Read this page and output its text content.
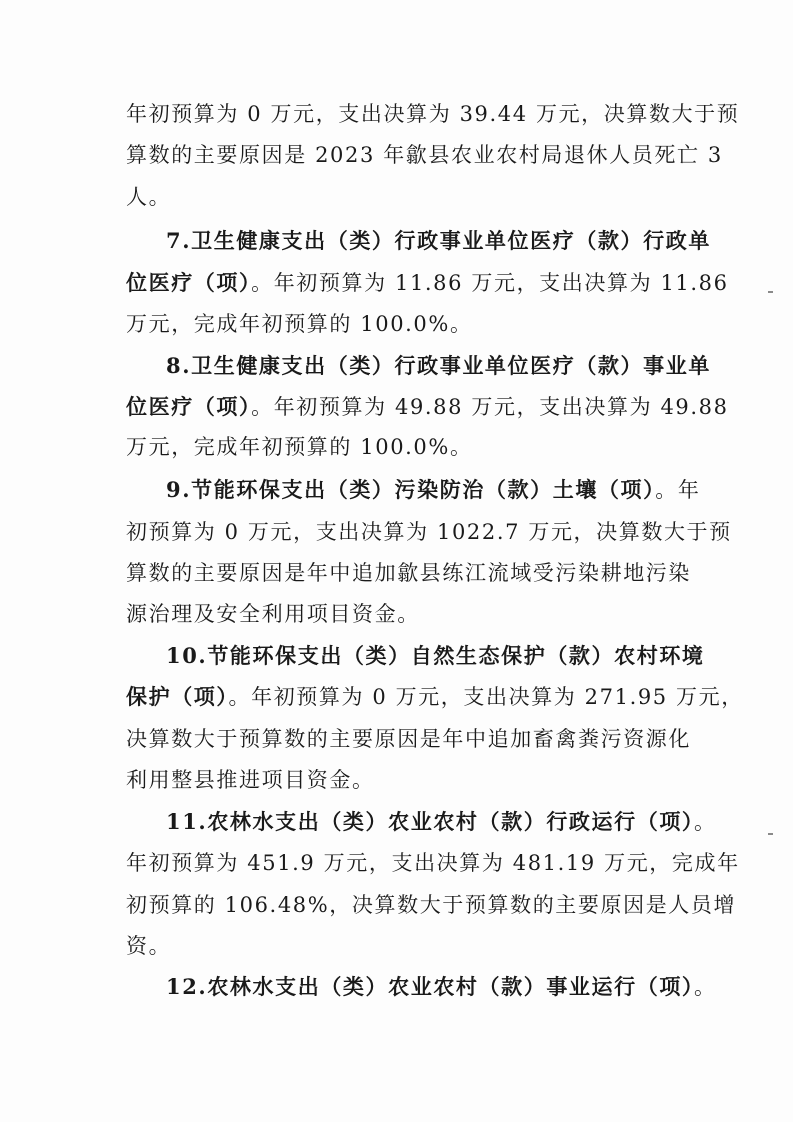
年初预算为 0 万元，支出决算为 39.44 万元，决算数大于预
算数的主要原因是 2023 年歙县农业农村局退休人员死亡 3
人。
7.卫生健康支出（类）行政事业单位医疗（款）行政单
位医疗（项）。年初预算为 11.86 万元，支出决算为 11.86
万元，完成年初预算的 100.0%。
8.卫生健康支出（类）行政事业单位医疗（款）事业单
位医疗（项）。年初预算为 49.88 万元，支出决算为 49.88
万元，完成年初预算的 100.0%。
9.节能环保支出（类）污染防治（款）土壤（项）。年
初预算为 0 万元，支出决算为 1022.7 万元，决算数大于预
算数的主要原因是年中追加歙县练江流域受污染耕地污染
源治理及安全利用项目资金。
10.节能环保支出（类）自然生态保护（款）农村环境
保护（项）。年初预算为 0 万元，支出决算为 271.95 万元，
决算数大于预算数的主要原因是年中追加畜禽粪污资源化
利用整县推进项目资金。
11.农林水支出（类）农业农村（款）行政运行（项）。
年初预算为 451.9 万元，支出决算为 481.19 万元，完成年
初预算的 106.48%，决算数大于预算数的主要原因是人员增
资。
12.农林水支出（类）农业农村（款）事业运行（项）。
